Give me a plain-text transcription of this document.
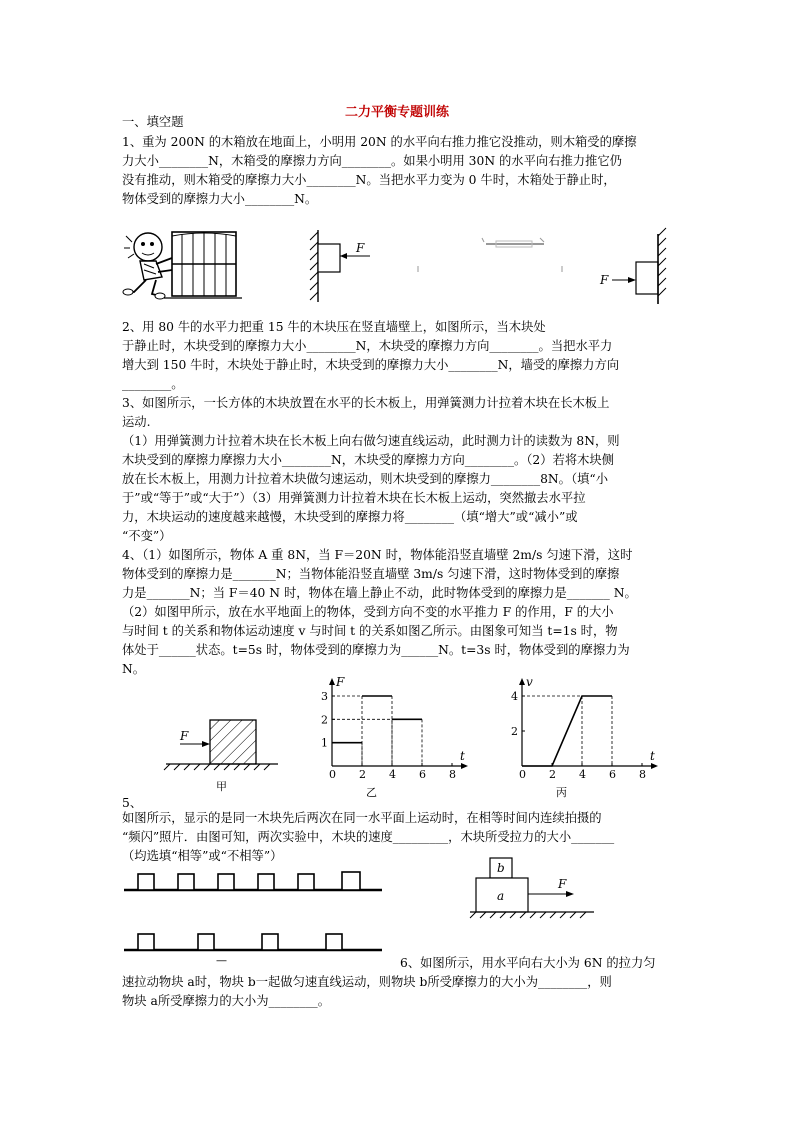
二力平衡专题训练
一、填空题
1、重为 200N 的木箱放在地面上，小明用 20N 的水平向右推力推它没推动，则木箱受的摩擦
力大小________N，木箱受的摩擦力方向________。如果小明用 30N 的水平向右推力推它仍
没有推动，则木箱受的摩擦力大小________N。当把水平力变为 0 牛时，木箱处于静止时，
物体受到的摩擦力大小________N。
F
F
2、用 80 牛的水平力把重 15 牛的木块压在竖直墙壁上，如图所示，当木块处
于静止时，木块受到的摩擦力大小________N，木块受的摩擦力方向________。当把水平力
增大到 150 牛时，木块处于静止时，木块受到的摩擦力大小________N，墙受的摩擦力方向
________。
3、如图所示，一长方体的木块放置在水平的长木板上，用弹簧测力计拉着木块在长木板上
运动.
（1）用弹簧测力计拉着木块在长木板上向右做匀速直线运动，此时测力计的读数为 8N，则
木块受到的摩擦力摩擦力大小________N，木块受的摩擦力方向________。（2）若将木块侧
放在长木板上，用测力计拉着木块做匀速运动，则木块受到的摩擦力________8N。（填“小
于”或“等于”或“大于”）（3）用弹簧测力计拉着木块在长木板上运动，突然撤去水平拉
力，木块运动的速度越来越慢，木块受到的摩擦力将________（填“增大”或“减小”或
“不变”）
4、（1）如图所示，物体 A 重 8N，当 F＝20N 时，物体能沿竖直墙壁 2m/s 匀速下滑，这时
物体受到的摩擦力是_______N；当物体能沿竖直墙壁 3m/s 匀速下滑，这时物体受到的摩擦
力是_______N；当 F＝40 N 时，物体在墙上静止不动，此时物体受到的摩擦力是_______ N。
（2）如图甲所示，放在水平地面上的物体，受到方向不变的水平推力 F 的作用，F 的大小
与时间 t 的关系和物体运动速度 v 与时间 t 的关系如图乙所示。由图象可知当 t=1s 时，物
体处于______状态。t=5s 时，物体受到的摩擦力为______N。t=3s 时，物体受到的摩擦力为
N。
F
甲
t
F
0 2 4 6 8
1
2
3
乙
t
v
0 2 4 6 8
2
4
丙
5、
如图所示，显示的是同一木块先后两次在同一水平面上运动时，在相等时间内连续拍摄的
“频闪”照片．由图可知，两次实验中，木块的速度_________，木块所受拉力的大小_______
（均选填“相等”或“不相等”）
—
b
a
F
6、如图所示，用水平向右大小为 6N 的拉力匀
速拉动物块 a时，物块 b一起做匀速直线运动，则物块 b所受摩擦力的大小为________，则
物块 a所受摩擦力的大小为________。
